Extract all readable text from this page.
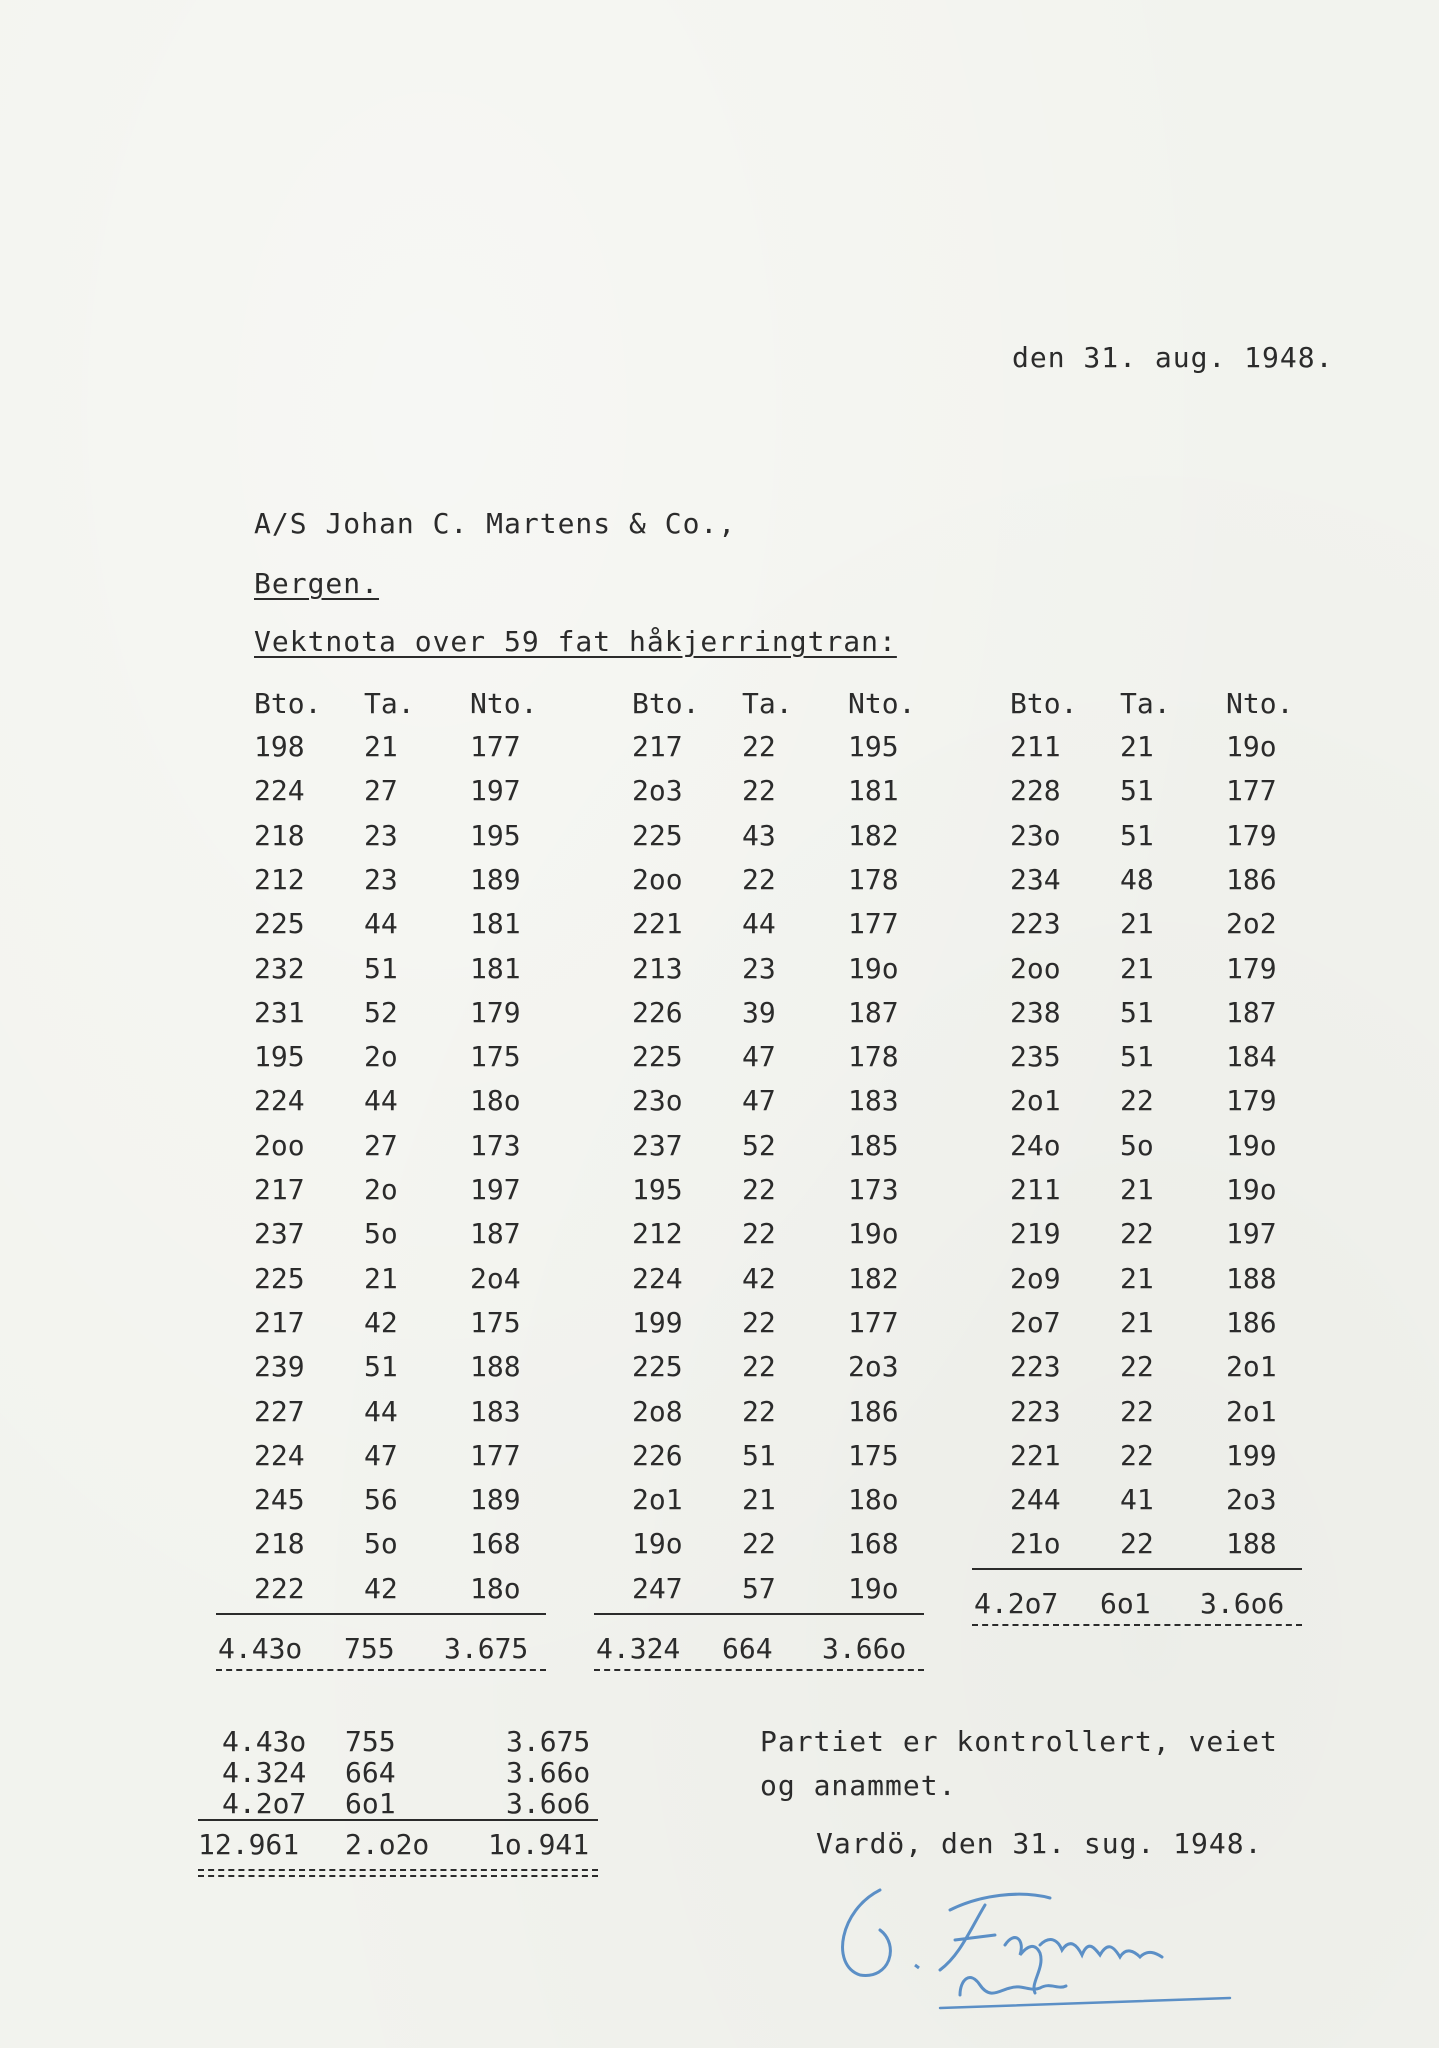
den 31. aug. 1948.
A/S Johan C. Martens & Co.,
Bergen.
Vektnota over 59 fat håkjerringtran:
Bto. Ta. Nto.
198 21	177
224 27	197
218 23	195
212 23	189
225 44	181
232 51	181
231 52	179
195 2o	175
224 44	18o
2oo 27	173
217 2o	197
237 5o	187
225 21	2o4
217 42	175
239 51	188
227 44	183
224 47	177
245 56	189
218 5o	168
222 42	18o
4.43o 755 3.675
Bto. Ta. Nto.
217 22	195
2o3 22	181
225 43	182
2oo 22	178
221 44	177
213 23	19o
226 39	187
225 47	178
23o 47	183
237 52	185
195 22	173
212 22	19o
224 42	182
199 22	177
225 22	2o3
2o8 22	186
226 51	175
2o1 21	18o
19o 22	168
247 57	19o
4.324 664 3.66o
Bto. Ta. Nto.
211 21	19o
228 51	177
23o 51	179
234 48	186
223 21	2o2
2oo 21	179
238 51	187
235 51	184
2o1 22	179
24o 5o	19o
211 21	19o
219 22	197
2o9 21	188
2o7 21	186
223 22	2o1
223 22	2o1
221 22	199
244 41	2o3
21o 22	188
4.2o7 6o1 3.6o6
4.43o 755	3.675
4.324 664	3.66o
4.2o7 6o1	3.6o6
12.961 2.o2o 1o.941
Partiet er kontrollert, veiet
og anammet.
Vardö, den 31. sug. 1948.
